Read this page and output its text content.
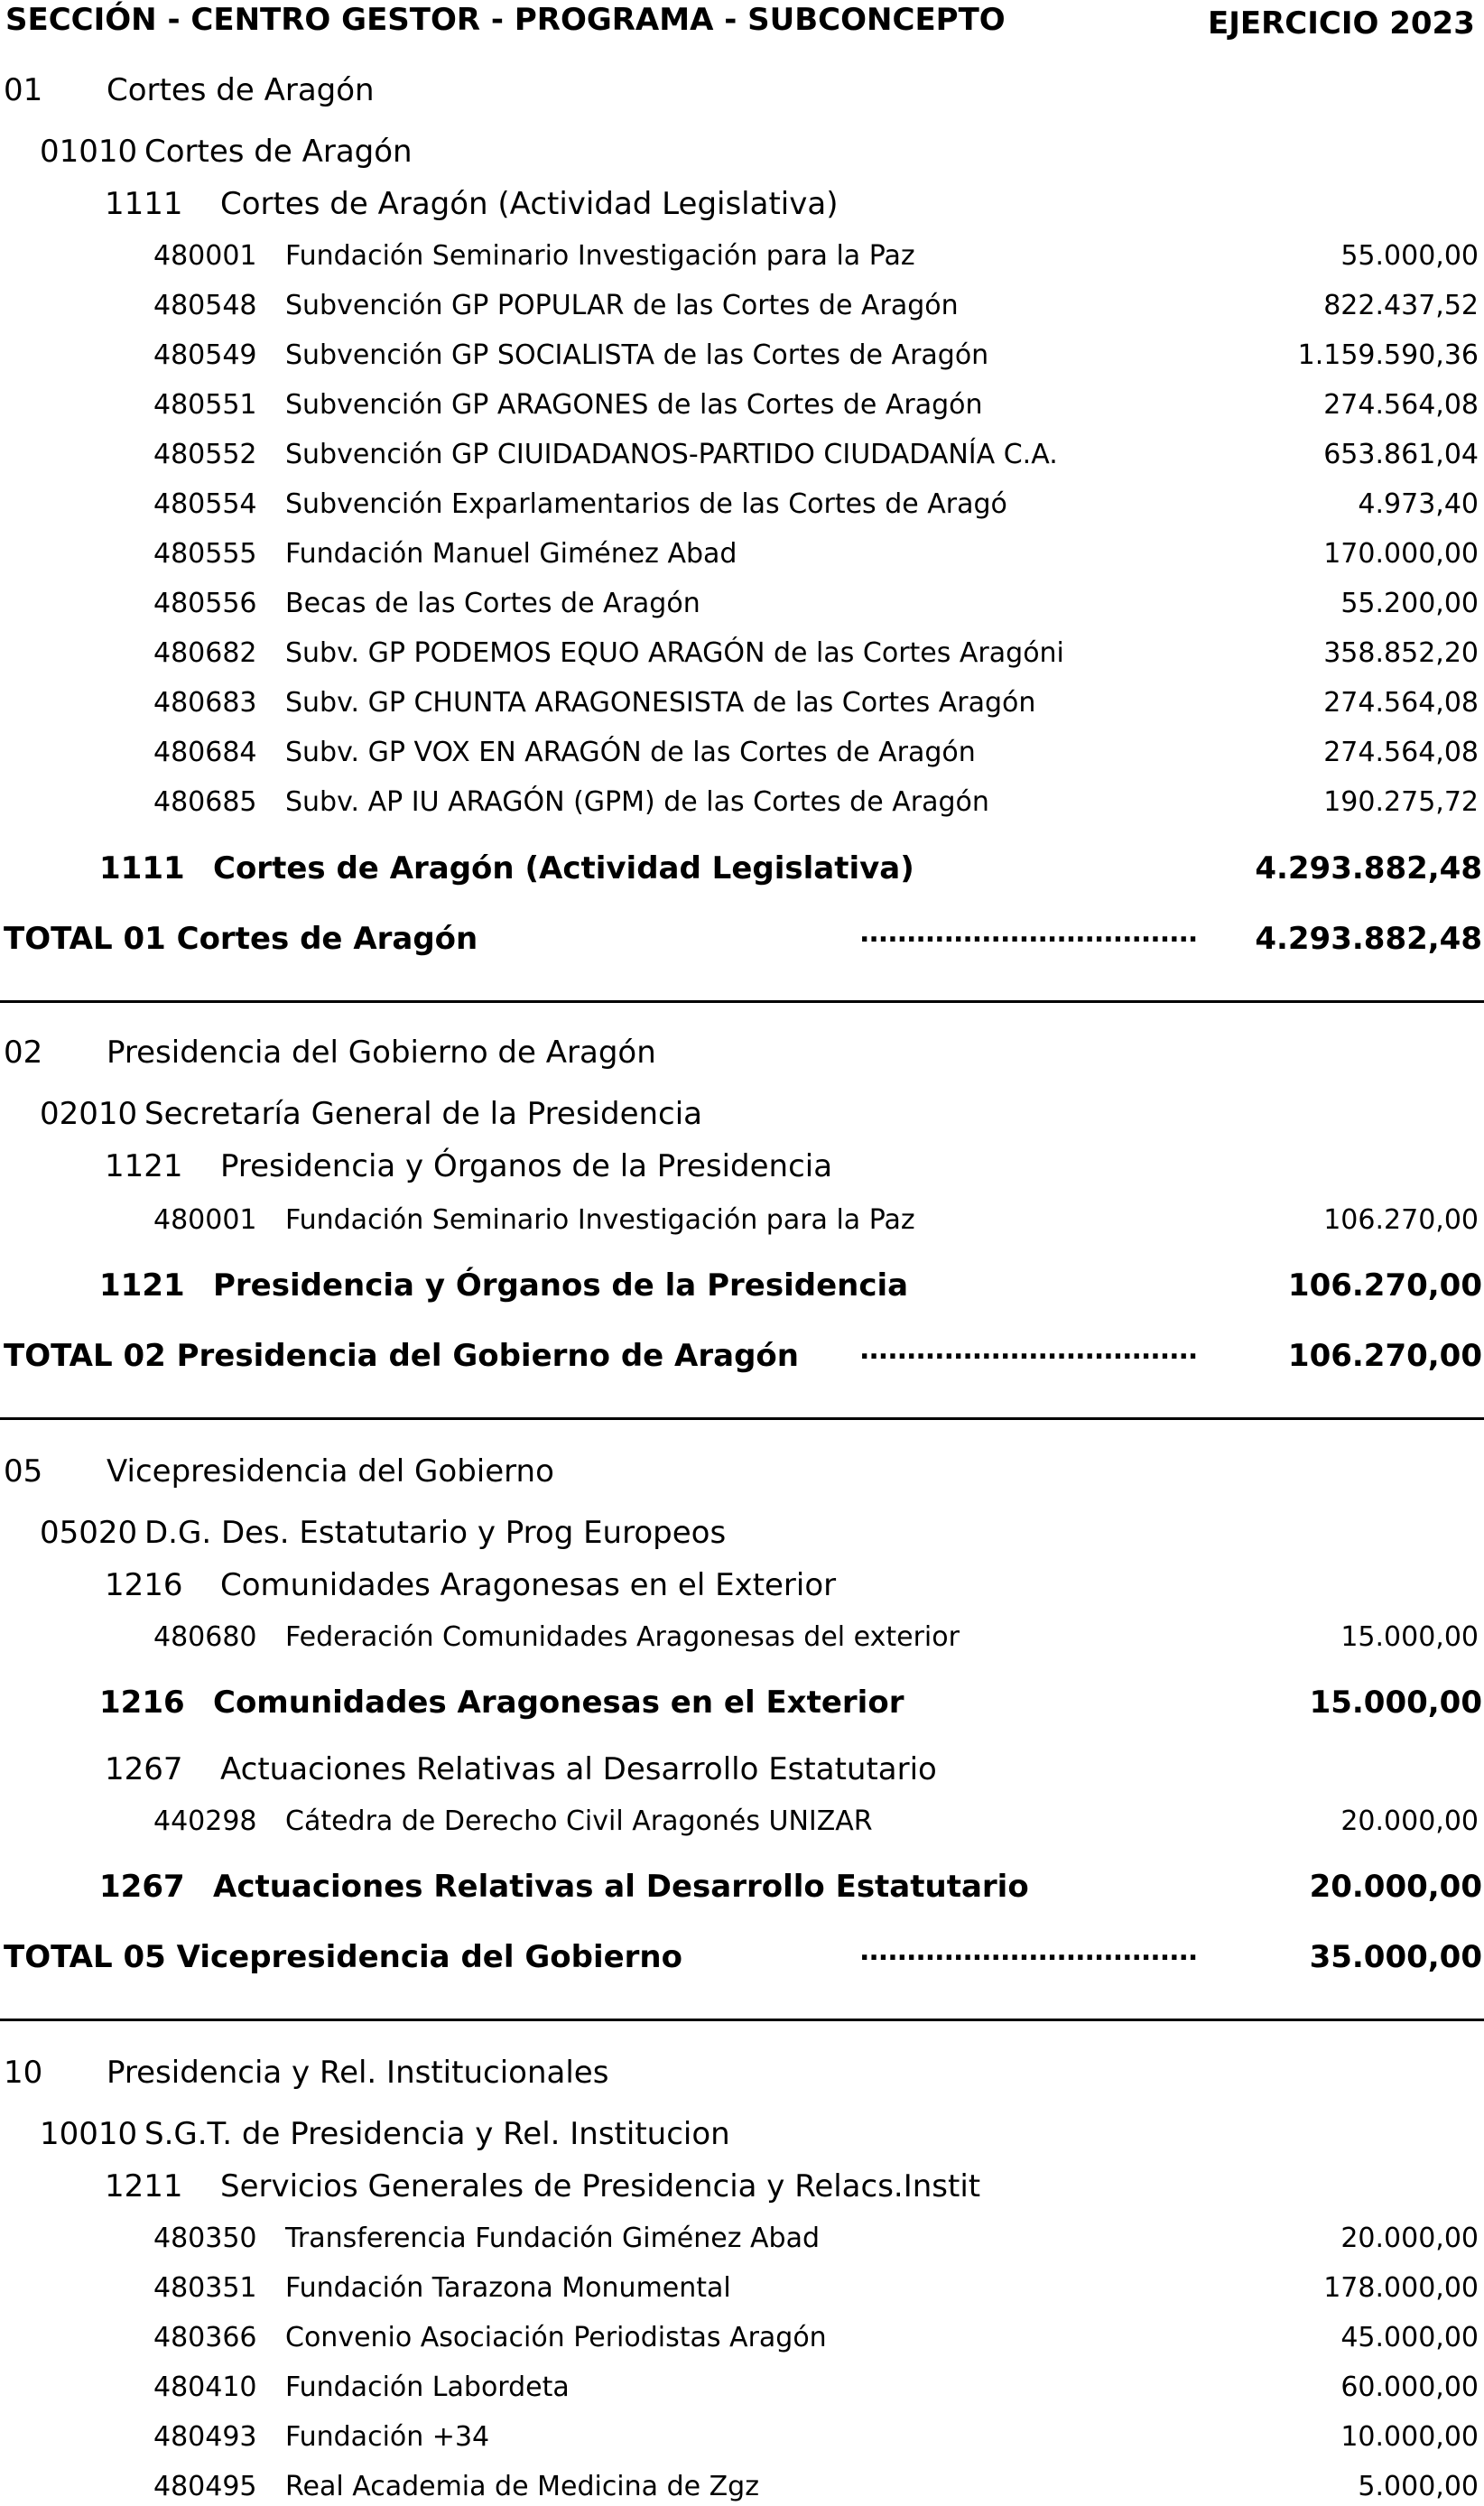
SECCIÓN - CENTRO GESTOR - PROGRAMA - SUBCONCEPTO	EJERCICIO 2023
01 Cortes de Aragón
01010 Cortes de Aragón
1111 Cortes de Aragón (Actividad Legislativa)
480001 Fundación Seminario Investigación para la Paz	55.000,00
480548 Subvención GP POPULAR de las Cortes de Aragón	822.437,52
480549 Subvención GP SOCIALISTA de las Cortes de Aragón	1.159.590,36
480551 Subvención GP ARAGONES de las Cortes de Aragón	274.564,08
480552 Subvención GP CIUIDADANOS-PARTIDO CIUDADANÍA C.A.	653.861,04
480554 Subvención Exparlamentarios de las Cortes de Aragó	4.973,40
480555 Fundación Manuel Giménez Abad	170.000,00
480556 Becas de las Cortes de Aragón	55.200,00
480682 Subv. GP PODEMOS EQUO ARAGÓN de las Cortes Aragóni	358.852,20
480683 Subv. GP CHUNTA ARAGONESISTA de las Cortes Aragón	274.564,08
480684 Subv. GP VOX EN ARAGÓN de las Cortes de Aragón	274.564,08
480685 Subv. AP IU ARAGÓN (GPM) de las Cortes de Aragón	190.275,72
1111 Cortes de Aragón (Actividad Legislativa)	4.293.882,48
TOTAL 01 Cortes de Aragón	.................................... 4.293.882,48
02 Presidencia del Gobierno de Aragón
02010 Secretaría General de la Presidencia
1121 Presidencia y Órganos de la Presidencia
480001 Fundación Seminario Investigación para la Paz	106.270,00
1121 Presidencia y Órganos de la Presidencia	106.270,00
TOTAL 02 Presidencia del Gobierno de Aragón ....................................	106.270,00
05 Vicepresidencia del Gobierno
05020 D.G. Des. Estatutario y Prog Europeos
1216 Comunidades Aragonesas en el Exterior
480680 Federación Comunidades Aragonesas del exterior	15.000,00
1216 Comunidades Aragonesas en el Exterior	15.000,00
1267 Actuaciones Relativas al Desarrollo Estatutario
440298 Cátedra de Derecho Civil Aragonés UNIZAR	20.000,00
1267 Actuaciones Relativas al Desarrollo Estatutario	20.000,00
TOTAL 05 Vicepresidencia del Gobierno	....................................	35.000,00
10 Presidencia y Rel. Institucionales
10010 S.G.T. de Presidencia y Rel. Institucion
1211 Servicios Generales de Presidencia y Relacs.Instit
480350 Transferencia Fundación Giménez Abad	20.000,00
480351 Fundación Tarazona Monumental	178.000,00
480366 Convenio Asociación Periodistas Aragón	45.000,00
480410 Fundación Labordeta	60.000,00
480493 Fundación +34	10.000,00
480495 Real Academia de Medicina de Zgz	5.000,00
